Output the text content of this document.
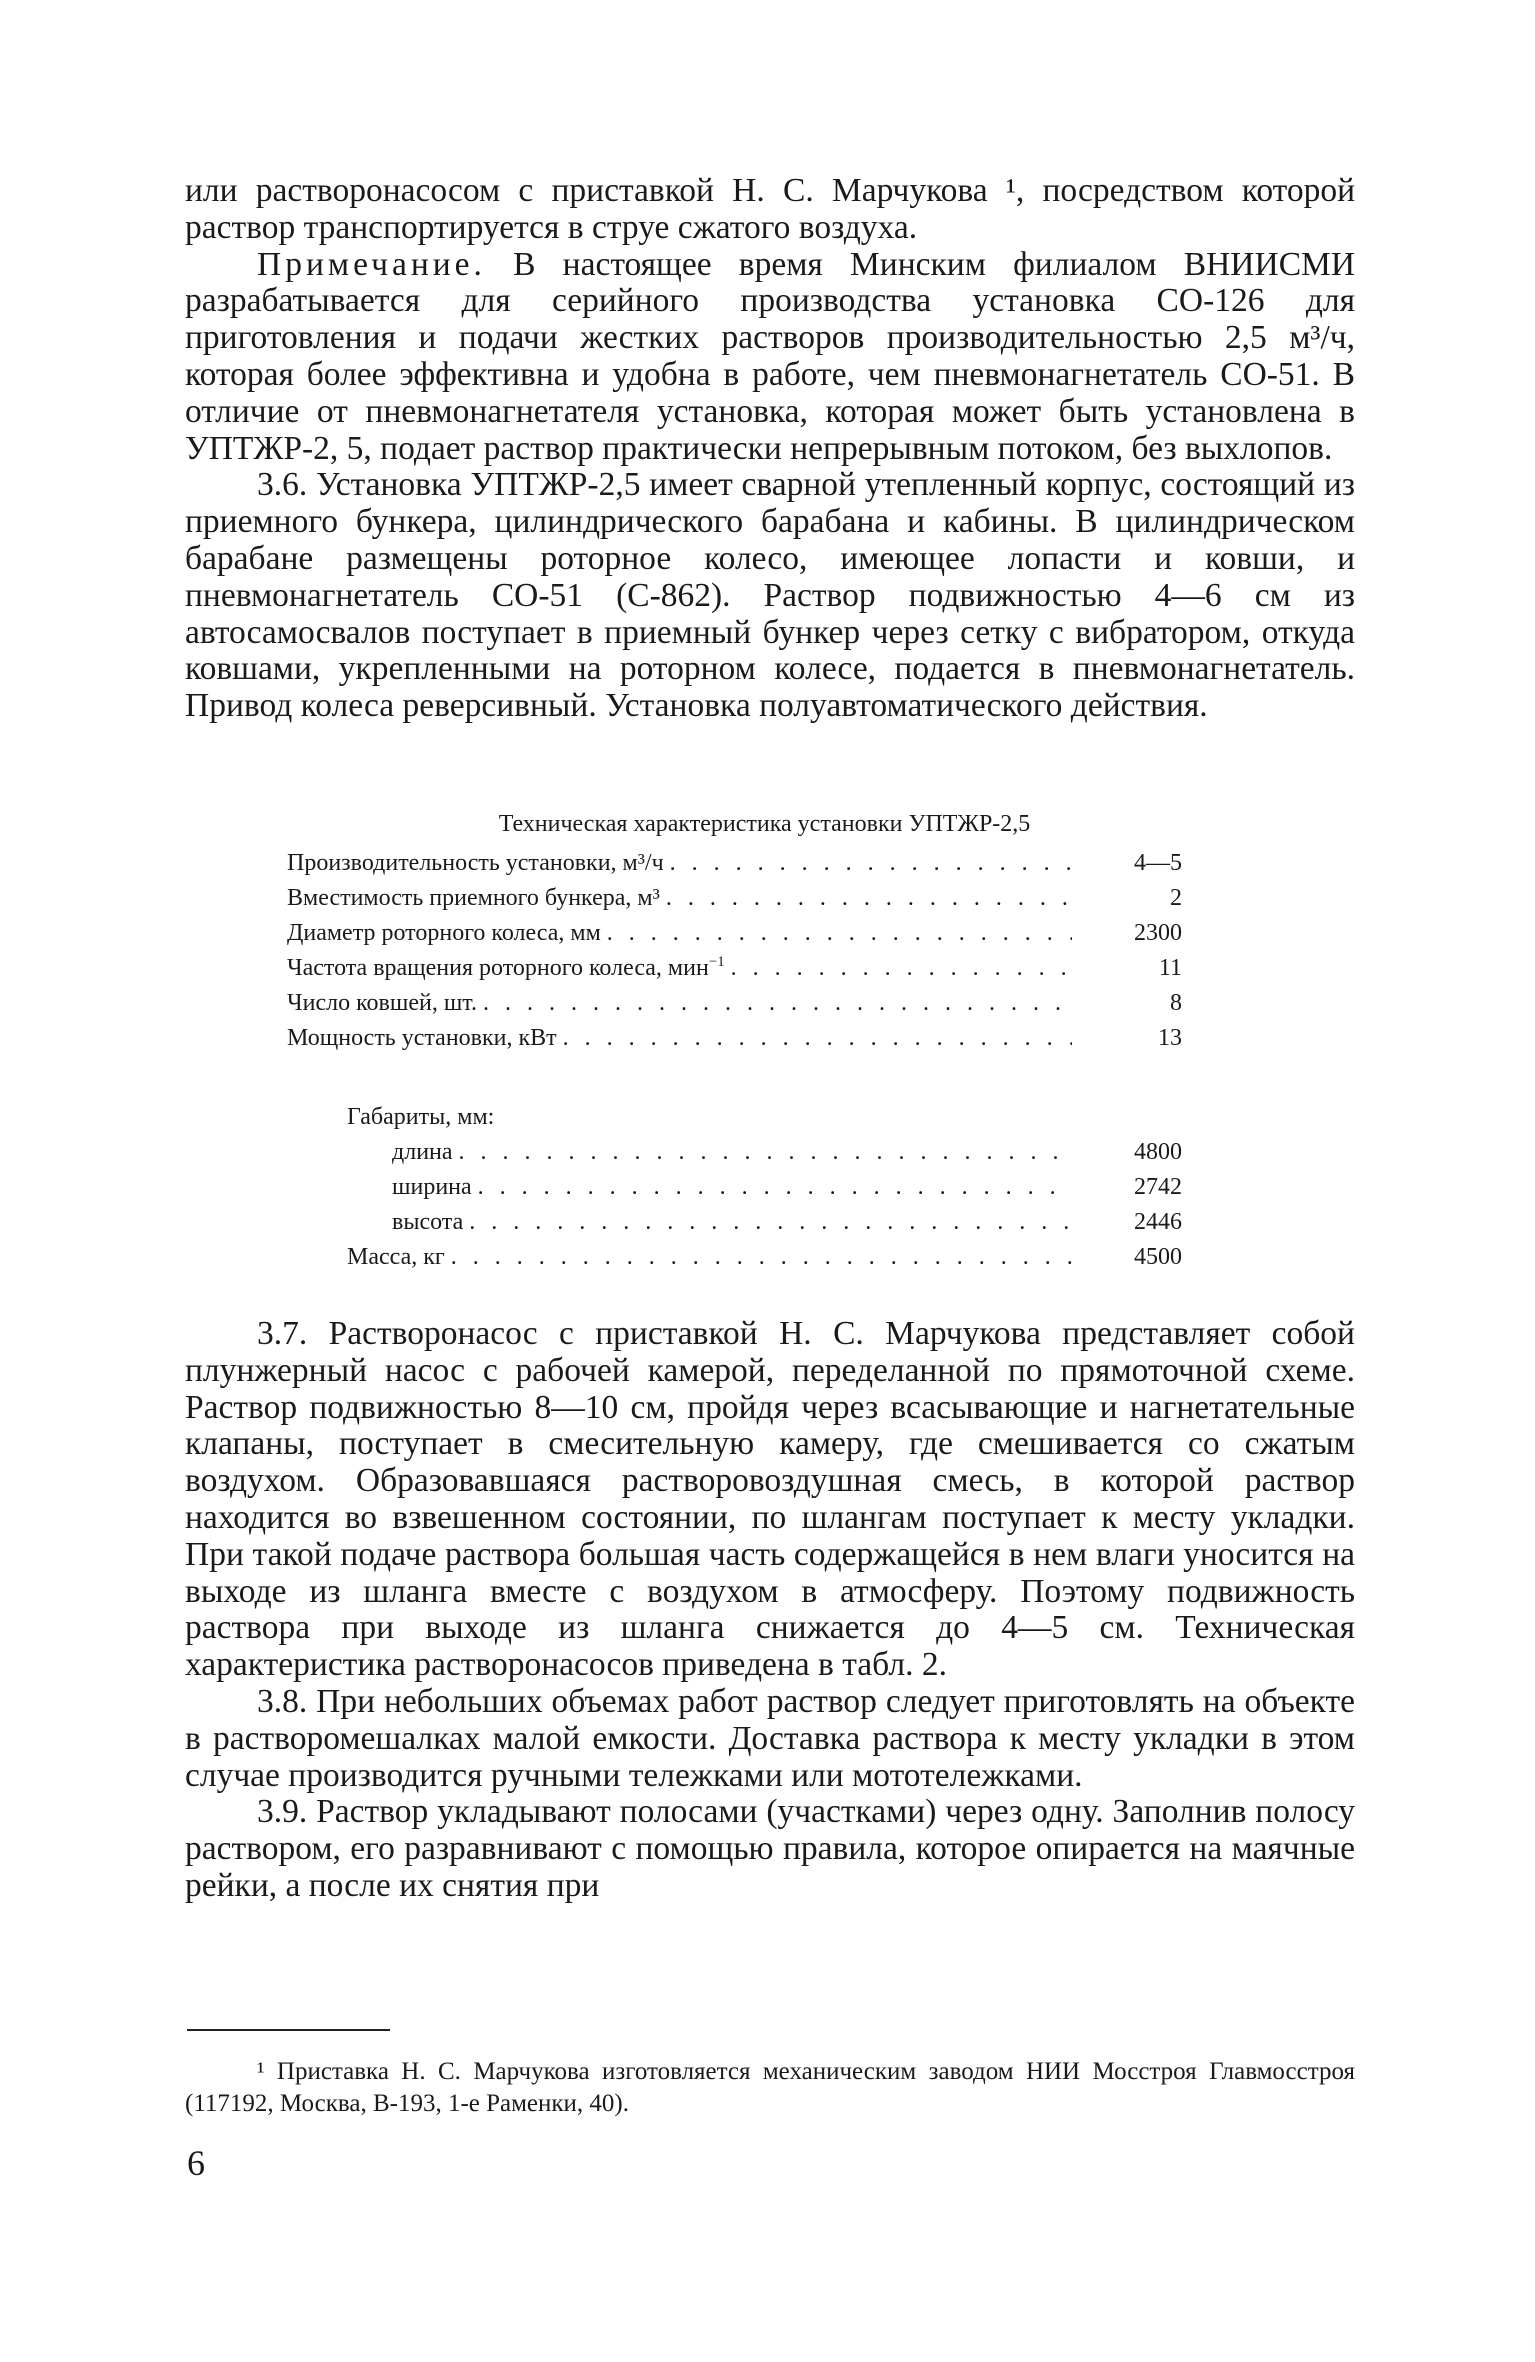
или растворонасосом с приставкой Н. С. Марчукова ¹, посредством которой раствор транспортируется в струе сжатого воздуха.

Примечание. В настоящее время Минским филиалом ВНИИСМИ разрабатывается для серийного производства установка СО-126 для приготовления и подачи жестких растворов производительностью 2,5 м³/ч, которая более эффективна и удобна в работе, чем пневмонагнетатель СО-51. В отличие от пневмонагнетателя установка, которая может быть установлена в УПТЖР-2, 5, подает раствор практически непрерывным потоком, без выхлопов.

3.6. Установка УПТЖР-2,5 имеет сварной утепленный корпус, состоящий из приемного бункера, цилиндрического барабана и кабины. В цилиндрическом барабане размещены роторное колесо, имеющее лопасти и ковши, и пневмонагнетатель СО-51 (С-862). Раствор подвижностью 4—6 см из автосамосвалов поступает в приемный бункер через сетку с вибратором, откуда ковшами, укрепленными на роторном колесе, подается в пневмонагнетатель. Привод колеса реверсивный. Установка полуавтоматического действия.

Техническая характеристика установки УПТЖР-2,5
Производительность установки, м³/ч . . .	4—5
Вместимость приемного бункера, м³ . . .	2
Диаметр роторного колеса, мм . . .	2300
Частота вращения роторного колеса, мин$^{-1}$ . . .	11
Число ковшей, шт. . . .	8
Мощность установки, кВт . . .	13
Габариты, мм:
длина . . .	4800
ширина . . .	2742
высота . . .	2446
Масса, кг . . .	4500

3.7. Растворонасос с приставкой Н. С. Марчукова представляет собой плунжерный насос с рабочей камерой, переделанной по прямоточной схеме. Раствор подвижностью 8—10 см, пройдя через всасывающие и нагнетательные клапаны, поступает в смесительную камеру, где смешивается со сжатым воздухом. Образовавшаяся растворовоздушная смесь, в которой раствор находится во взвешенном состоянии, по шлангам поступает к месту укладки. При такой подаче раствора большая часть содержащейся в нем влаги уносится на выходе из шланга вместе с воздухом в атмосферу. Поэтому подвижность раствора при выходе из шланга снижается до 4—5 см. Техническая характеристика растворонасосов приведена в табл. 2.

3.8. При небольших объемах работ раствор следует приготовлять на объекте в растворомешалках малой емкости. Доставка раствора к месту укладки в этом случае производится ручными тележками или мототележками.

3.9. Раствор укладывают полосами (участками) через одну. Заполнив полосу раствором, его разравнивают с помощью правила, которое опирается на маячные рейки, а после их снятия при

¹ Приставка Н. С. Марчукова изготовляется механическим заводом НИИ Мосстроя Главмосстроя (117192, Москва, В-193, 1-е Раменки, 40).
6
